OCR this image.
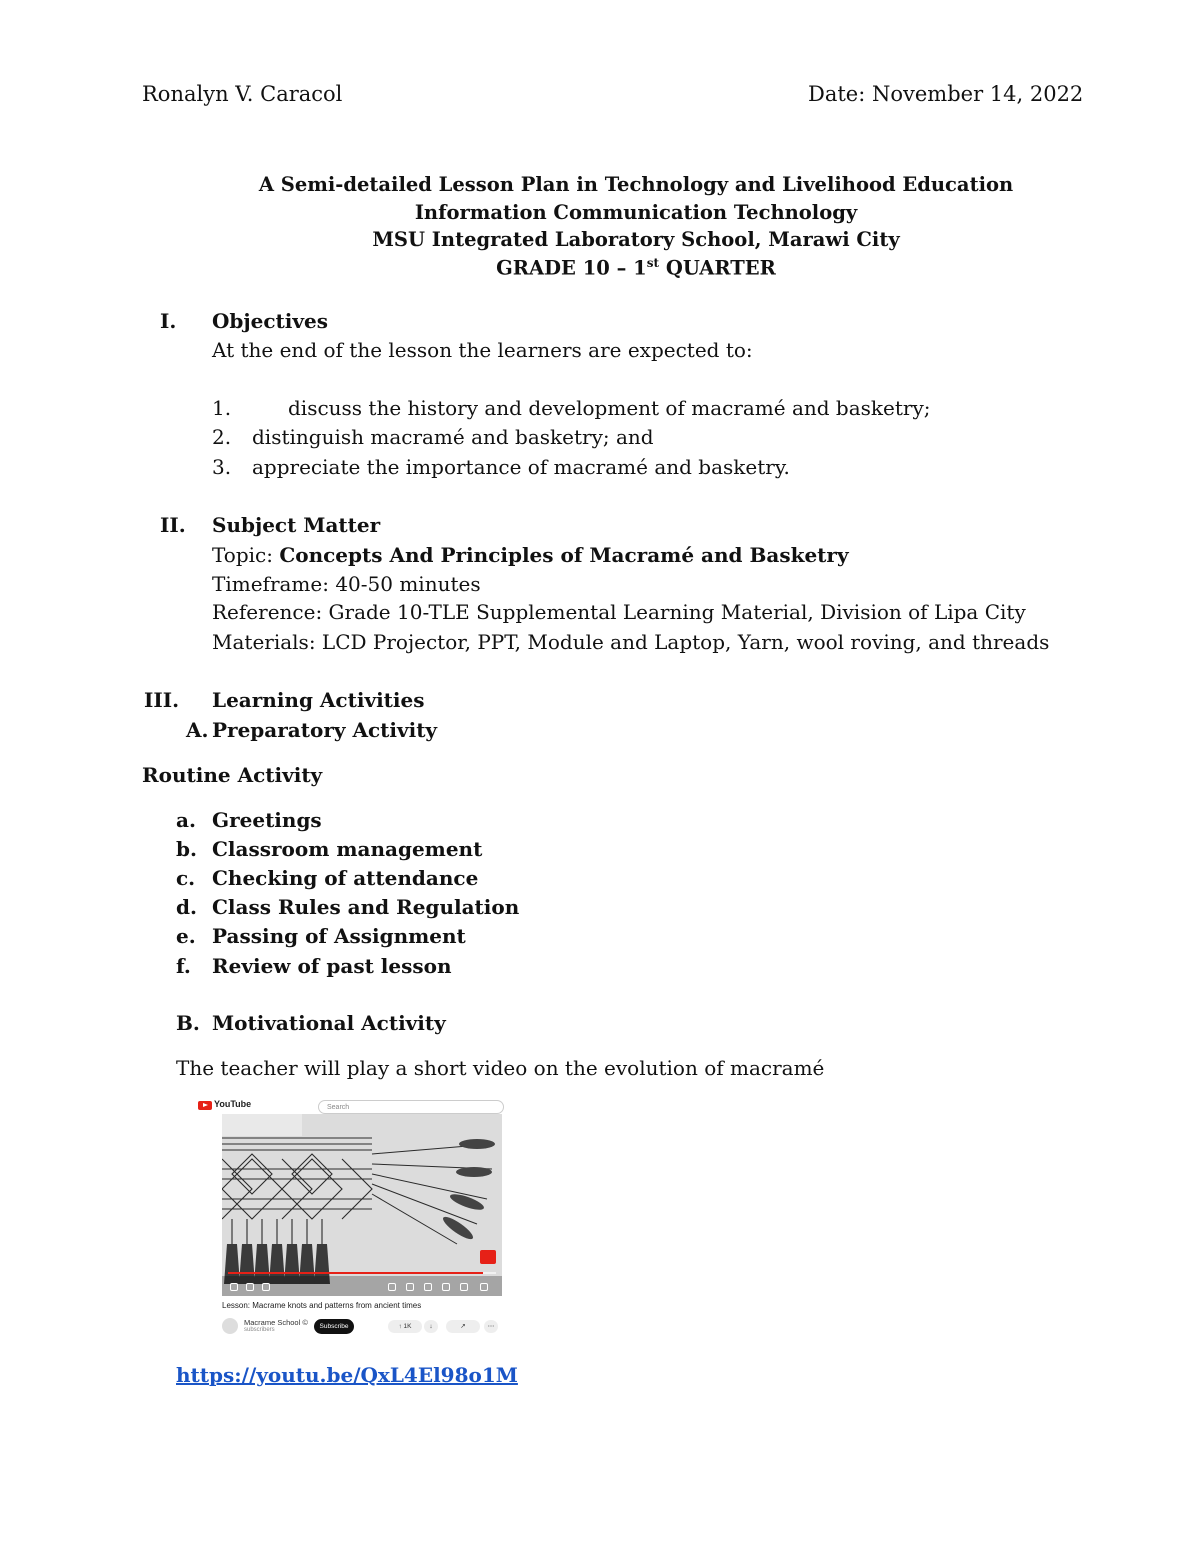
Ronalyn V. Caracol	Date: November 14, 2022
A Semi-detailed Lesson Plan in Technology and Livelihood Education
Information Communication Technology
MSU Integrated Laboratory School, Marawi City
GRADE 10 – 1st QUARTER
I.	Objectives
At the end of the lesson the learners are expected to:
1.	discuss the history and development of macramé and basketry;
2.	distinguish macramé and basketry; and
3.	appreciate the importance of macramé and basketry.
II.	Subject Matter
Topic: Concepts And Principles of Macramé and Basketry
Timeframe: 40-50 minutes
Reference: Grade 10-TLE Supplemental Learning Material, Division of Lipa City
Materials: LCD Projector, PPT, Module and Laptop, Yarn, wool roving, and threads
III.	Learning Activities
A. Preparatory Activity
Routine Activity
a. Greetings
b. Classroom management
c. Checking of attendance
d. Class Rules and Regulation
e. Passing of Assignment
f. Review of past lesson
B. Motivational Activity
The teacher will play a short video on the evolution of macramé
YouTube	Search
Lesson: Macrame knots and patterns from ancient times
Macrame School ©
subscribers	Subscribe	↑ 1K	↓	↗	⋯
https://youtu.be/QxL4El98o1M
